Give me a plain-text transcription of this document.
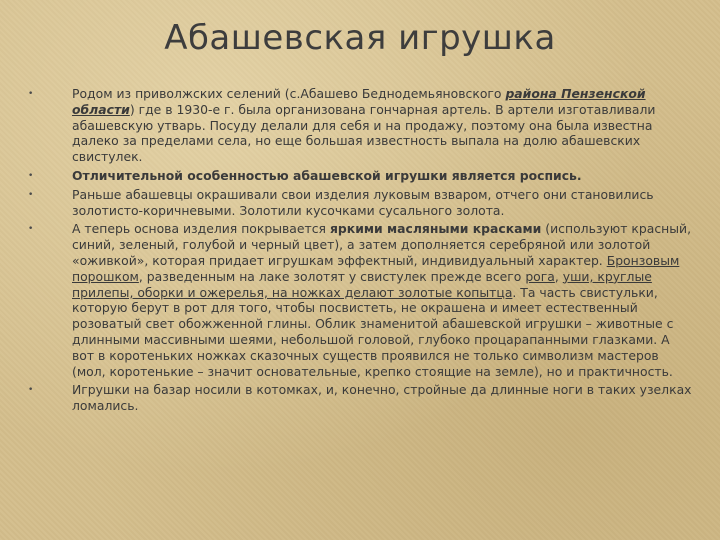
Абашевская игрушка
•	Родом из приволжских селений (с.Абашево Беднодемьяновского района Пензенской области) где в 1930-е г. была организована гончарная артель. В артели изготавливали абашевскую утварь. Посуду делали для себя и на продажу, поэтому она была известна далеко за пределами села, но еще большая известность выпала на долю абашевских свистулек.
•	Отличительной особенностью абашевской игрушки является роспись.
•	Раньше абашевцы окрашивали свои изделия луковым взваром, отчего они становились золотисто-коричневыми. Золотили кусочками сусального золота.
•	А теперь основа изделия покрывается яркими масляными красками (используют красный, синий, зеленый, голубой и черный цвет), а затем дополняется серебряной или золотой «оживкой», которая придает игрушкам эффектный, индивидуальный характер. Бронзовым порошком, разведенным на лаке золотят у свистулек прежде всего рога, уши, круглые прилепы, оборки и ожерелья, на ножках делают золотые копытца. Та часть свистульки, которую берут в рот для того, чтобы посвистеть, не окрашена и имеет естественный розоватый свет обожженной глины. Облик знаменитой абашевской игрушки – животные с длинными массивными шеями, небольшой головой, глубоко процарапанными глазками. А вот в коротеньких ножках сказочных существ проявился не только символизм мастеров (мол, коротенькие – значит основательные, крепко стоящие на земле), но и практичность.
•	Игрушки на базар носили в котомках, и, конечно, стройные да длинные ноги в таких узелках ломались.
